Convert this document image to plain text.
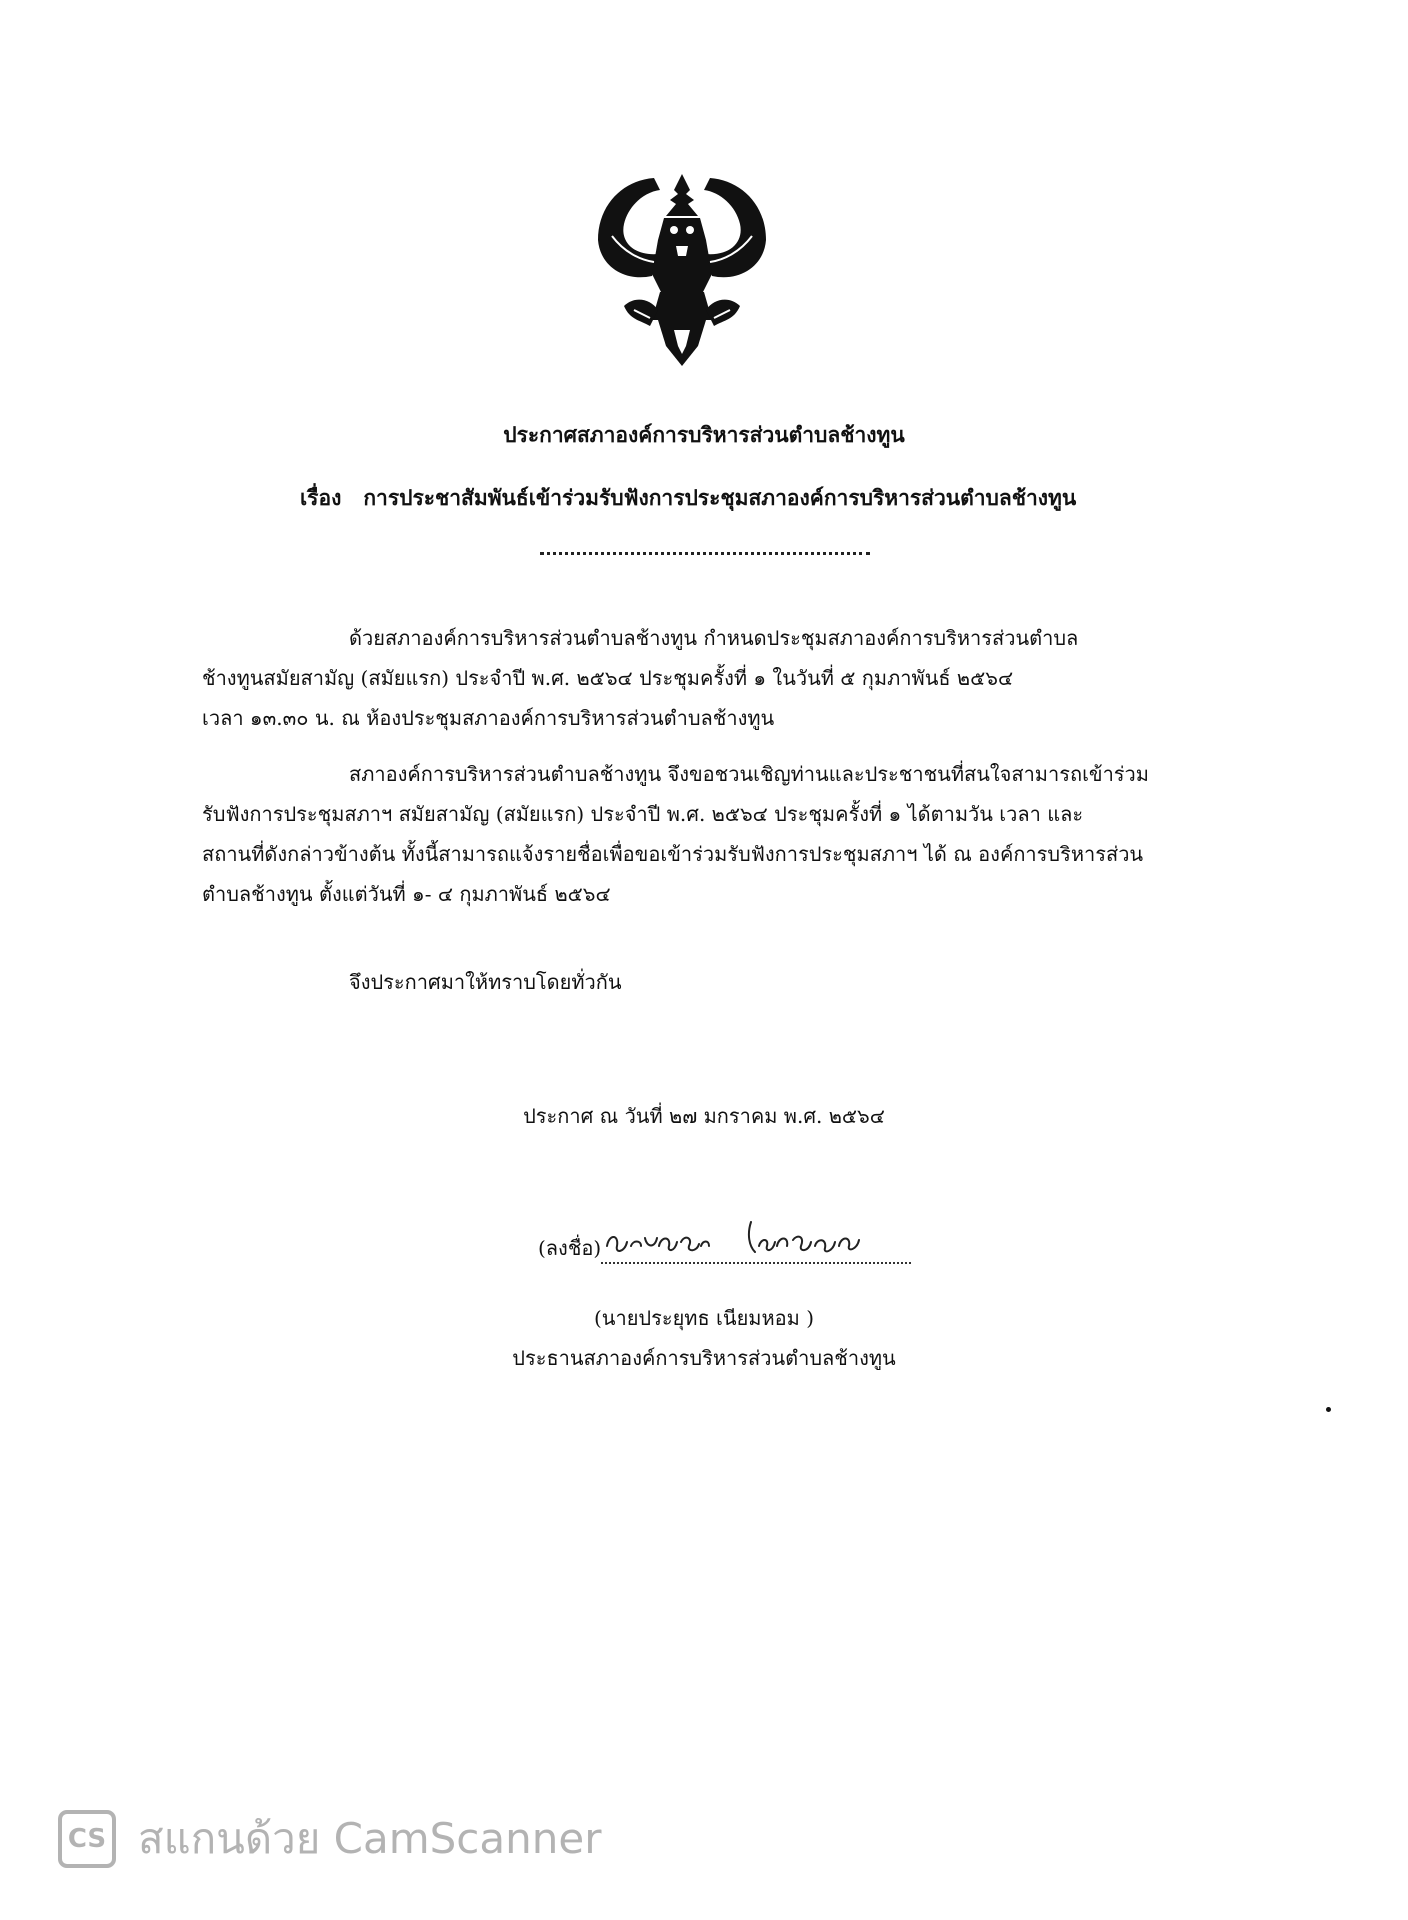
ประกาศสภาองค์การบริหารส่วนตำบลช้างทูน
เรื่อง การประชาสัมพันธ์เข้าร่วมรับฟังการประชุมสภาองค์การบริหารส่วนตำบลช้างทูน

ด้วยสภาองค์การบริหารส่วนตำบลช้างทูน กำหนดประชุมสภาองค์การบริหารส่วนตำบล

ช้างทูนสมัยสามัญ (สมัยแรก) ประจำปี พ.ศ. ๒๕๖๔ ประชุมครั้งที่ ๑ ในวันที่ ๕ กุมภาพันธ์ ๒๕๖๔

เวลา ๑๓.๓๐ น. ณ ห้องประชุมสภาองค์การบริหารส่วนตำบลช้างทูน

สภาองค์การบริหารส่วนตำบลช้างทูน จึงขอชวนเชิญท่านและประชาชนที่สนใจสามารถเข้าร่วม

รับฟังการประชุมสภาฯ สมัยสามัญ (สมัยแรก) ประจำปี พ.ศ. ๒๕๖๔ ประชุมครั้งที่ ๑ ได้ตามวัน เวลา และ

สถานที่ดังกล่าวข้างต้น ทั้งนี้สามารถแจ้งรายชื่อเพื่อขอเข้าร่วมรับฟังการประชุมสภาฯ ได้ ณ องค์การบริหารส่วน

ตำบลช้างทูน ตั้งแต่วันที่ ๑- ๔ กุมภาพันธ์ ๒๕๖๔

จึงประกาศมาให้ทราบโดยทั่วกัน

ประกาศ ณ วันที่ ๒๗ มกราคม พ.ศ. ๒๕๖๔
(ลงชื่อ)
(นายประยุทธ เนียมหอม )
ประธานสภาองค์การบริหารส่วนตำบลช้างทูน
CS สแกนด้วย CamScanner
